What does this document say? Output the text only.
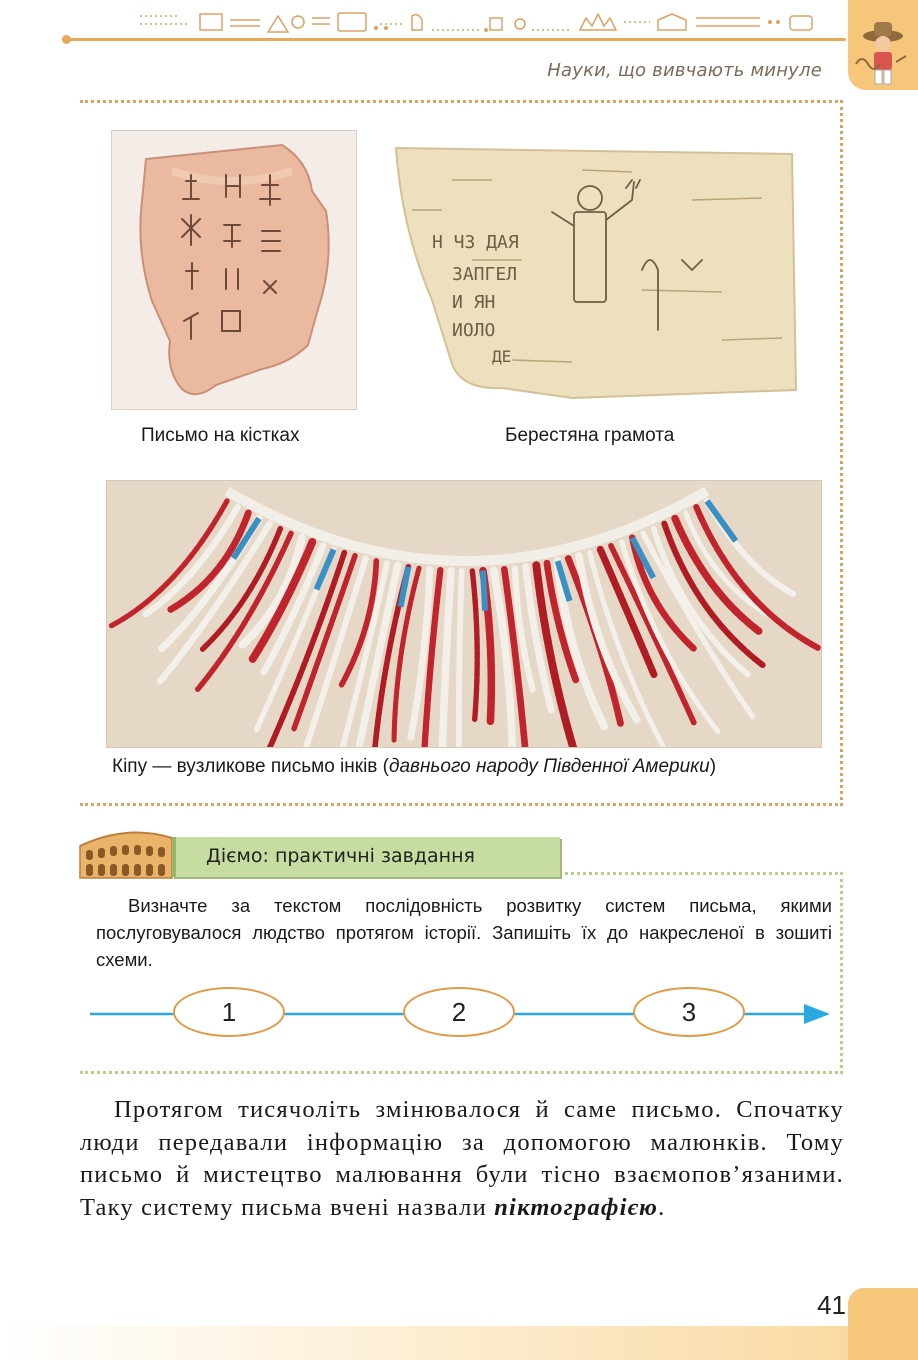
Науки, що вивчають минуле
Н ЧЗ ДАЯ
ЗАПГЕЛ
И ЯН
ИОЛО
ДЕ
Письмо на кістках	Берестяна грамота
Кіпу — вузликове письмо інків (давнього народу Південної Америки)
Діємо: практичні завдання
Визначте за текстом послідовність розвитку систем письма, якими послуговувалося людство протягом історії. Запишіть їх до накресленої в зошиті схеми.
1	2	3
Протягом тисячоліть змінювалося й саме письмо. Спочатку люди передавали інформацію за допомогою малюнків. Тому письмо й мистецтво малювання були тісно взаємопов’язаними. Таку систему письма вчені назвали піктографією.
41
